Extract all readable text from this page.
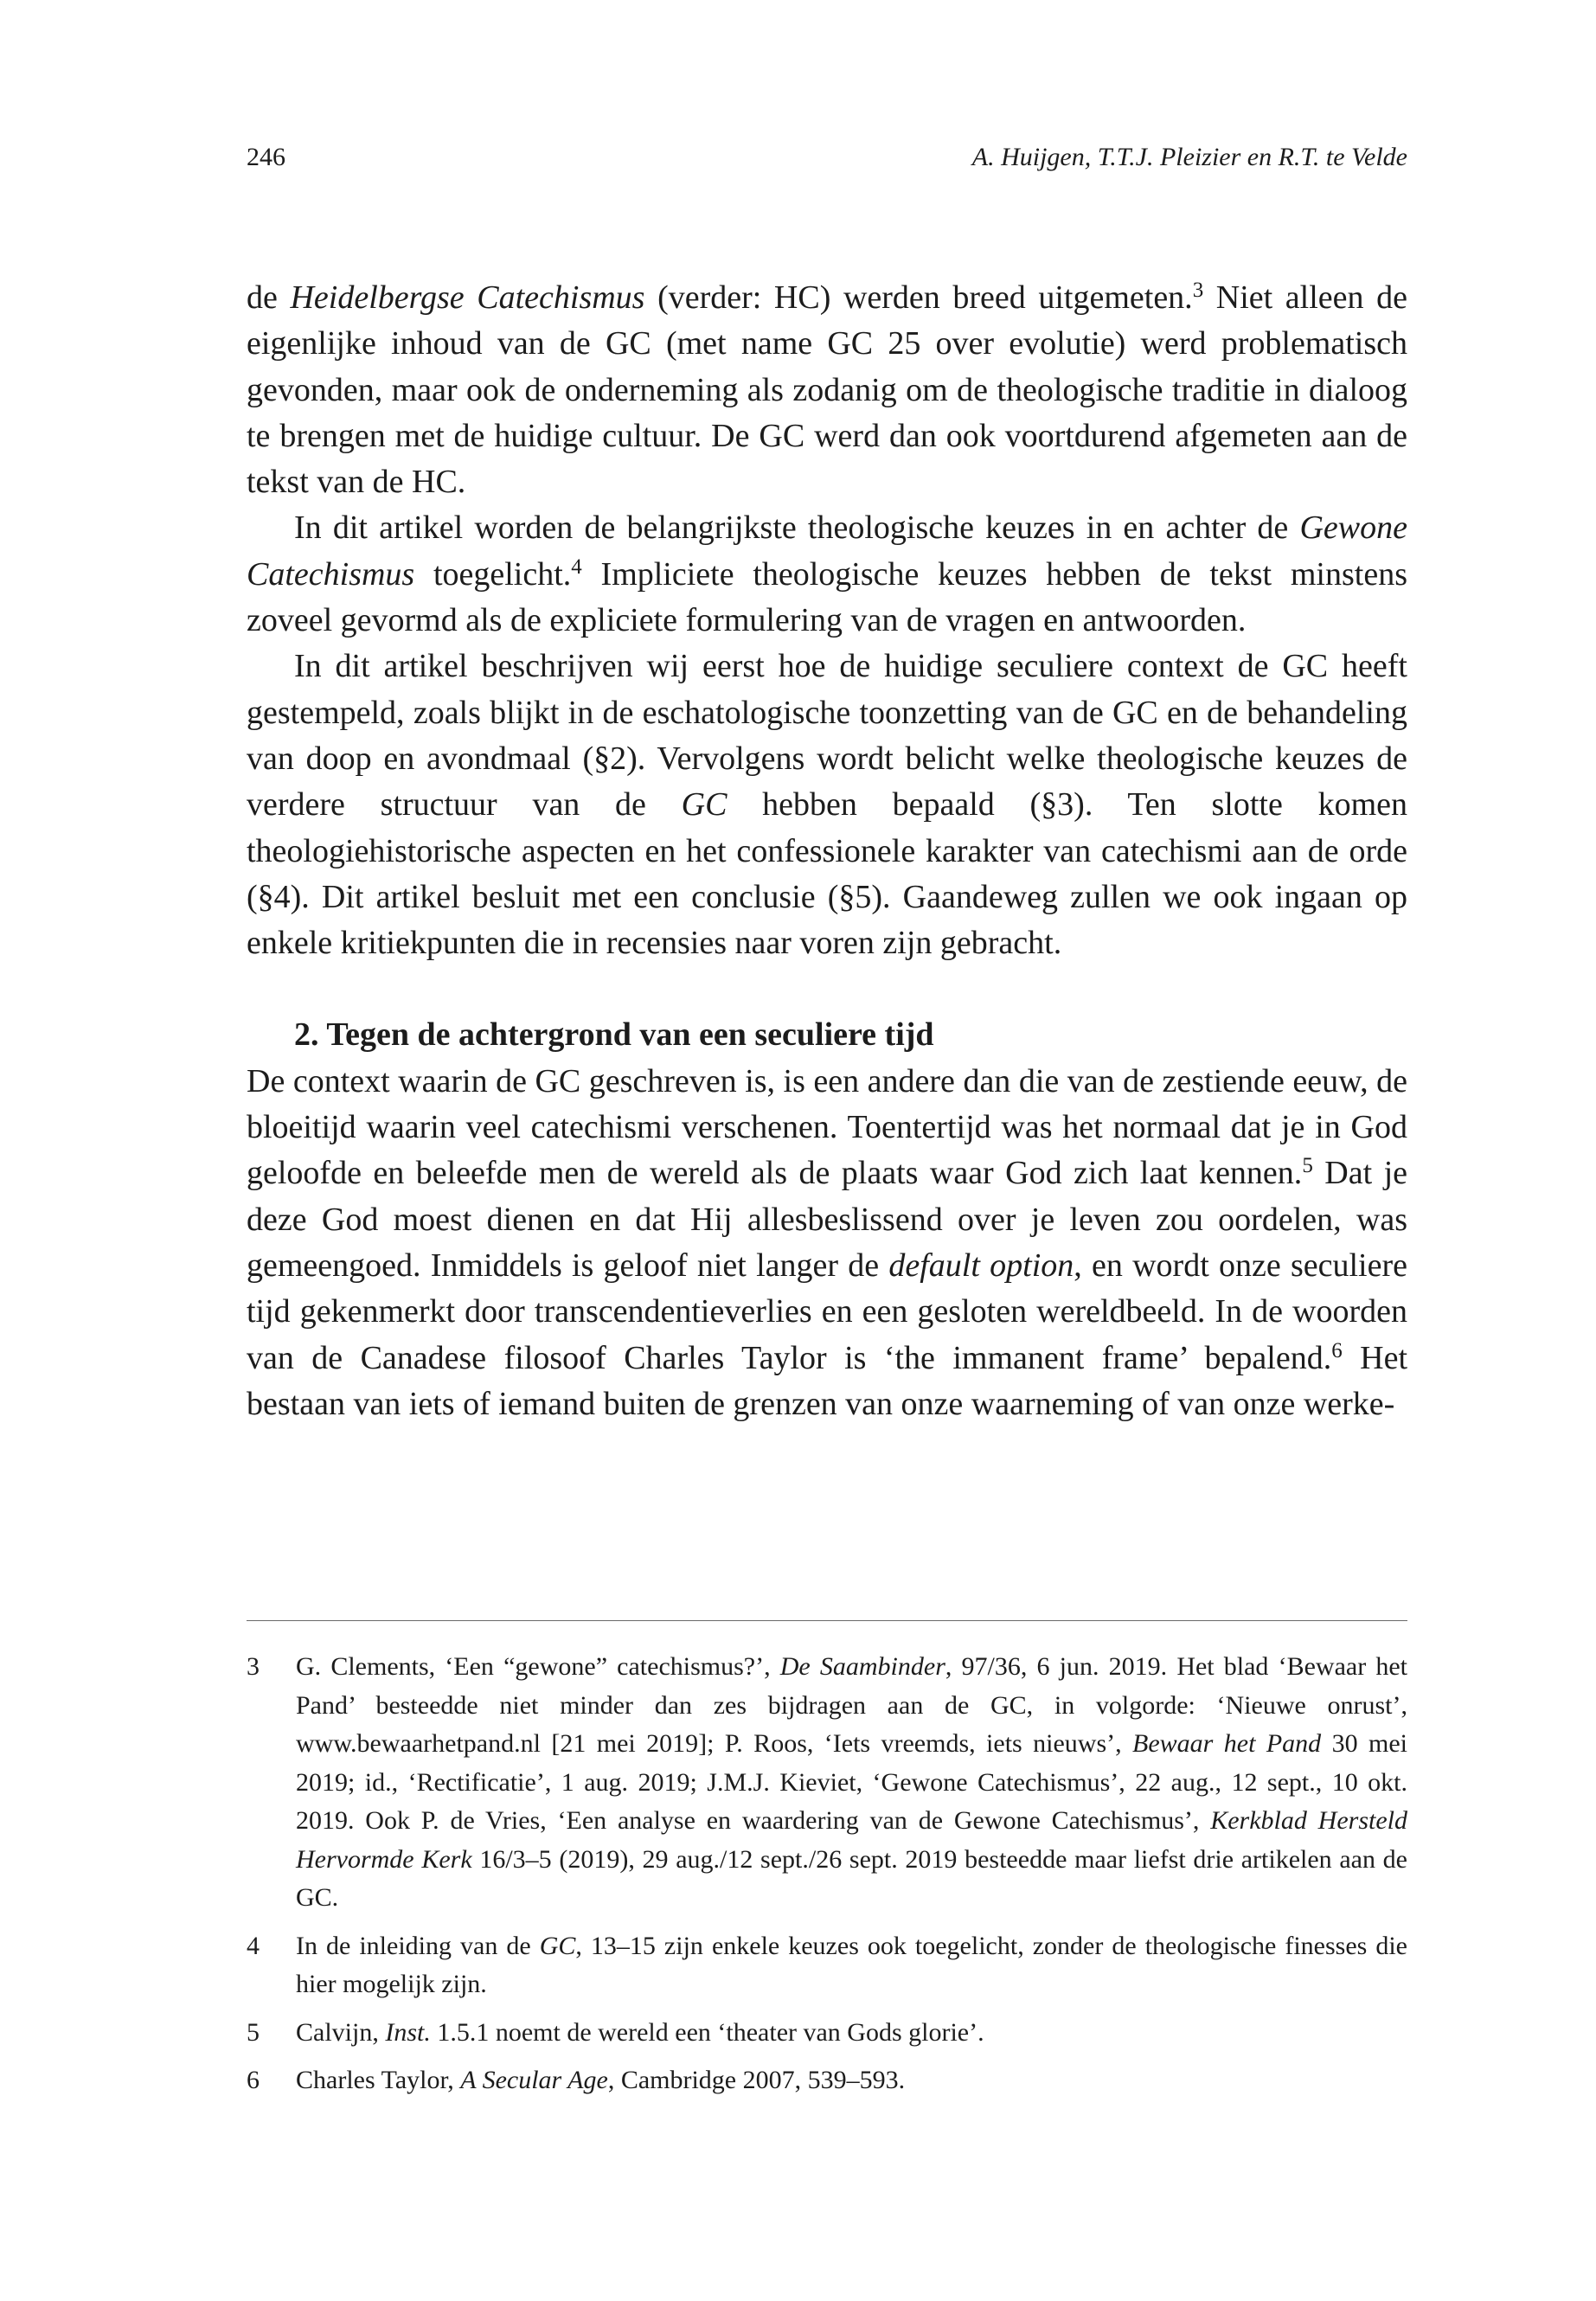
246	A. Huijgen, T.T.J. Pleizier en R.T. te Velde

de Heidelbergse Catechismus (verder: HC) werden breed uitgemeten.$^3$ Niet alleen de eigenlijke inhoud van de GC (met name GC 25 over evolutie) werd problematisch gevonden, maar ook de onderneming als zodanig om de theologische traditie in dialoog te brengen met de huidige cultuur. De GC werd dan ook voortdurend afgemeten aan de tekst van de HC.

In dit artikel worden de belangrijkste theologische keuzes in en achter de Gewone Catechismus toegelicht.$^4$ Impliciete theologische keuzes hebben de tekst minstens zoveel gevormd als de expliciete formulering van de vragen en antwoorden.

In dit artikel beschrijven wij eerst hoe de huidige seculiere context de GC heeft gestempeld, zoals blijkt in de eschatologische toonzetting van de GC en de behandeling van doop en avondmaal (§2). Vervolgens wordt belicht welke theologische keuzes de verdere structuur van de GC hebben bepaald (§3). Ten slotte komen theologiehistorische aspecten en het confessionele karakter van catechismi aan de orde (§4). Dit artikel besluit met een conclusie (§5). Gaandeweg zullen we ook ingaan op enkele kritiekpunten die in recensies naar voren zijn gebracht.

2. Tegen de achtergrond van een seculiere tijd

De context waarin de GC geschreven is, is een andere dan die van de zestiende eeuw, de bloeitijd waarin veel catechismi verschenen. Toentertijd was het normaal dat je in God geloofde en beleefde men de wereld als de plaats waar God zich laat kennen.$^5$ Dat je deze God moest dienen en dat Hij allesbeslissend over je leven zou oordelen, was gemeengoed. Inmiddels is geloof niet langer de default option, en wordt onze seculiere tijd gekenmerkt door transcendentieverlies en een gesloten wereldbeeld. In de woorden van de Canadese filosoof Charles Taylor is ‘the immanent frame’ bepalend.$^6$ Het bestaan van iets of iemand buiten de grenzen van onze waarneming of van onze werke-

3 G. Clements, ‘Een “gewone” catechismus?’, De Saambinder, 97/36, 6 jun. 2019. Het blad ‘Bewaar het Pand’ besteedde niet minder dan zes bijdragen aan de GC, in volgorde: ‘Nieuwe onrust’, www.bewaarhetpand.nl [21 mei 2019]; P. Roos, ‘Iets vreemds, iets nieuws’, Bewaar het Pand 30 mei 2019; id., ‘Rectificatie’, 1 aug. 2019; J.M.J. Kieviet, ‘Gewone Catechismus’, 22 aug., 12 sept., 10 okt. 2019. Ook P. de Vries, ‘Een analyse en waardering van de Gewone Catechismus’, Kerkblad Hersteld Hervormde Kerk 16/3–5 (2019), 29 aug./12 sept./26 sept. 2019 besteedde maar liefst drie artikelen aan de GC.

4 In de inleiding van de GC, 13–15 zijn enkele keuzes ook toegelicht, zonder de theologische finesses die hier mogelijk zijn.

5 Calvijn, Inst. 1.5.1 noemt de wereld een ‘theater van Gods glorie’.

6 Charles Taylor, A Secular Age, Cambridge 2007, 539–593.
